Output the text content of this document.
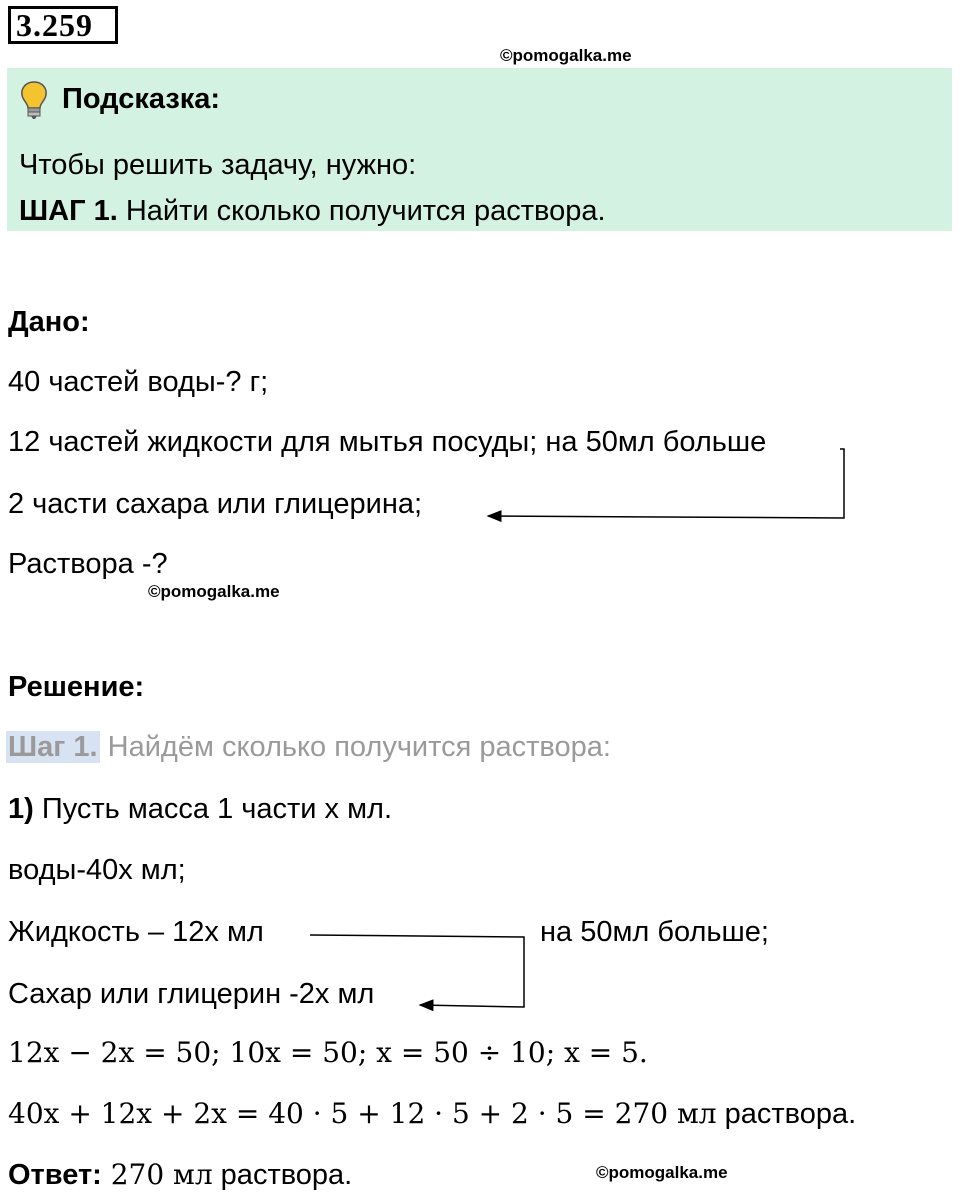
3.259
©pomogalka.me
Подсказка:
Чтобы решить задачу, нужно:
ШАГ 1. Найти сколько получится раствора.
Дано:
40 частей воды-? г;
12 частей жидкости для мытья посуды; на 50мл больше
2 части сахара или глицерина;
Раствора -?
©pomogalka.me
Решение:
Шаг 1. Найдём сколько получится раствора:
1) Пусть масса 1 части x мл.
воды-40x мл;
Жидкость – 12x мл	на 50мл больше;
Сахар или глицерин -2x мл
12x − 2x = 50; 10x = 50; x = 50 ÷ 10; x = 5.
40x + 12x + 2x = 40 · 5 + 12 · 5 + 2 · 5 = 270 мл раствора.
Ответ: 270 мл раствора.	©pomogalka.me
